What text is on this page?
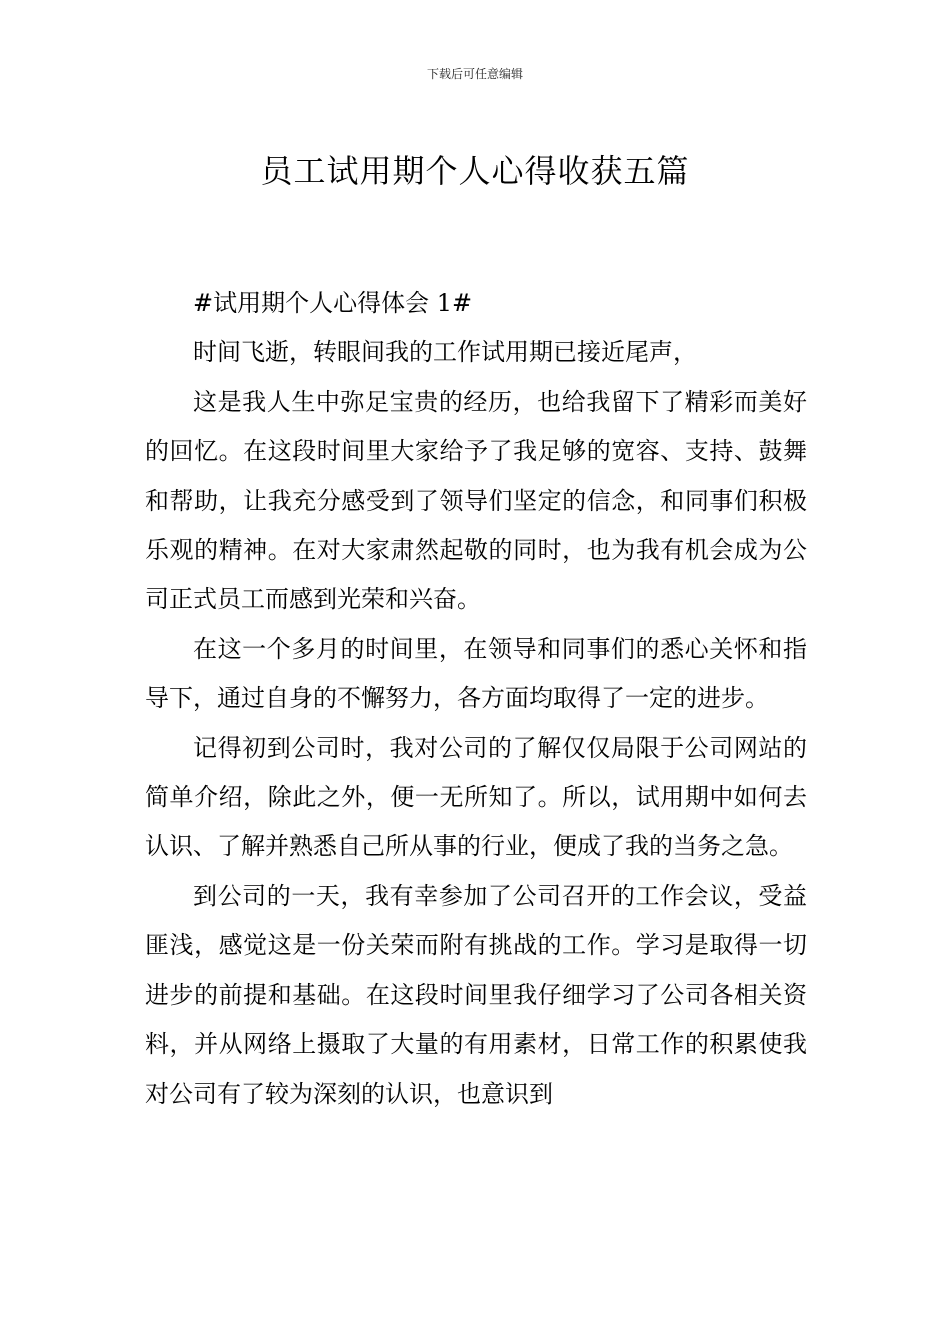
下载后可任意编辑
员工试用期个人心得收获五篇

#试用期个人心得体会 1#

时间飞逝，转眼间我的工作试用期已接近尾声，

这是我人生中弥足宝贵的经历，也给我留下了精彩而美好的回忆。在这段时间里大家给予了我足够的宽容、支持、鼓舞和帮助，让我充分感受到了领导们坚定的信念，和同事们积极乐观的精神。在对大家肃然起敬的同时，也为我有机会成为公司正式员工而感到光荣和兴奋。

在这一个多月的时间里，在领导和同事们的悉心关怀和指导下，通过自身的不懈努力，各方面均取得了一定的进步。

记得初到公司时，我对公司的了解仅仅局限于公司网站的简单介绍，除此之外，便一无所知了。所以，试用期中如何去认识、了解并熟悉自己所从事的行业，便成了我的当务之急。

到公司的一天，我有幸参加了公司召开的工作会议，受益匪浅，感觉这是一份关荣而附有挑战的工作。学习是取得一切进步的前提和基础。在这段时间里我仔细学习了公司各相关资料，并从网络上摄取了大量的有用素材，日常工作的积累使我对公司有了较为深刻的认识，也意识到
